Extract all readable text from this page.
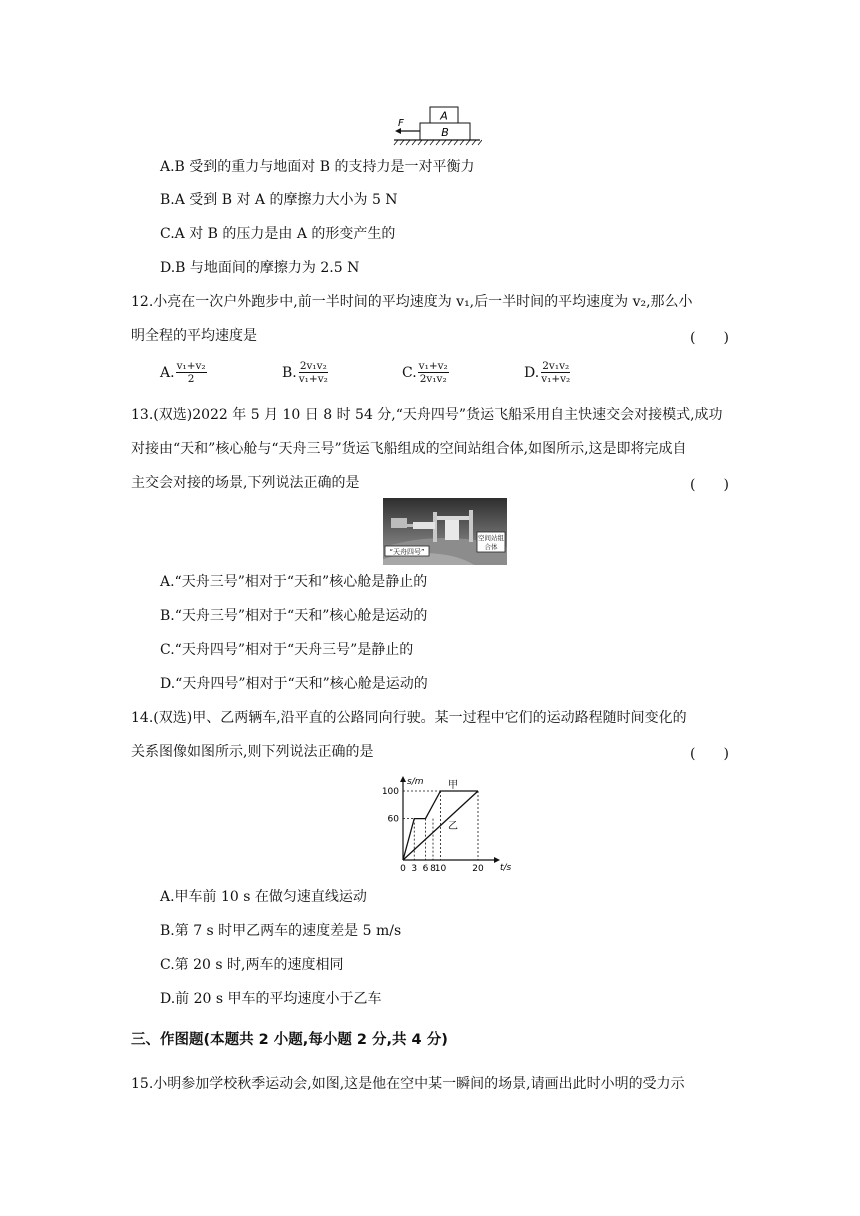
A
B
F
A.B 受到的重力与地面对 B 的支持力是一对平衡力
B.A 受到 B 对 A 的摩擦力大小为 5 N
C.A 对 B 的压力是由 A 的形变产生的
D.B 与地面间的摩擦力为 2.5 N
12.小亮在一次户外跑步中,前一半时间的平均速度为 v₁,后一半时间的平均速度为 v₂,那么小
明全程的平均速度是	(　　)
A. $\frac{\text{v₁+v₂}}{2}$	B. $\frac{\text{2v₁v₂}}{\text{v₁+v₂}}$	C. $\frac{\text{v₁+v₂}}{\text{2v₁v₂}}$	D. $\frac{\text{2v₁v₂}}{\text{v₁+v₂}}$
13.(双选)2022 年 5 月 10 日 8 时 54 分,“天舟四号”货运飞船采用自主快速交会对接模式,成功
对接由“天和”核心舱与“天舟三号”货运飞船组成的空间站组合体,如图所示,这是即将完成自
主交会对接的场景,下列说法正确的是	(　　)
“天舟四号”
空间站组
合体
A.“天舟三号”相对于“天和”核心舱是静止的
B.“天舟三号”相对于“天和”核心舱是运动的
C.“天舟四号”相对于“天舟三号”是静止的
D.“天舟四号”相对于“天和”核心舱是运动的
14.(双选)甲、乙两辆车,沿平直的公路同向行驶。某一过程中它们的运动路程随时间变化的
关系图像如图所示,则下列说法正确的是	(　　)
s/m
t/s
60
100
0 3 6 8
10	20
甲
乙
A.甲车前 10 s 在做匀速直线运动
B.第 7 s 时甲乙两车的速度差是 5 m/s
C.第 20 s 时,两车的速度相同
D.前 20 s 甲车的平均速度小于乙车
三、作图题(本题共 2 小题,每小题 2 分,共 4 分)
15.小明参加学校秋季运动会,如图,这是他在空中某一瞬间的场景,请画出此时小明的受力示
